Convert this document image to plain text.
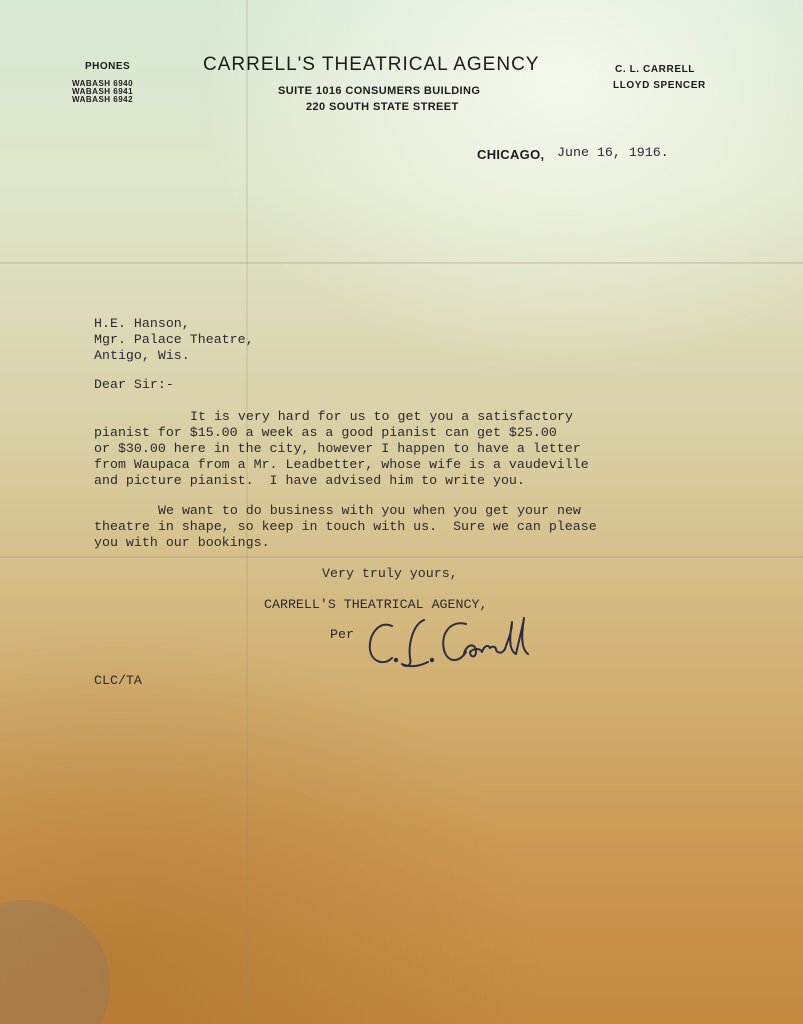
PHONES

WABASH 6940

WABASH 6941

WABASH 6942

CARRELL'S THEATRICAL AGENCY

SUITE 1016 CONSUMERS BUILDING

220 SOUTH STATE STREET

C. L. CARRELL

LLOYD SPENCER

CHICAGO, June 16, 1916.

H.E. Hanson,

Mgr. Palace Theatre,

Antigo, Wis.

Dear Sir:-

It is very hard for us to get you a satisfactory

pianist for $15.00 a week as a good pianist can get $25.00

or $30.00 here in the city, however I happen to have a letter

from Waupaca from a Mr. Leadbetter, whose wife is a vaudeville

and picture pianist.  I have advised him to write you.

We want to do business with you when you get your new

theatre in shape, so keep in touch with us.  Sure we can please

you with our bookings.

Very truly yours,

CARRELL'S THEATRICAL AGENCY,

Per

CLC/TA
